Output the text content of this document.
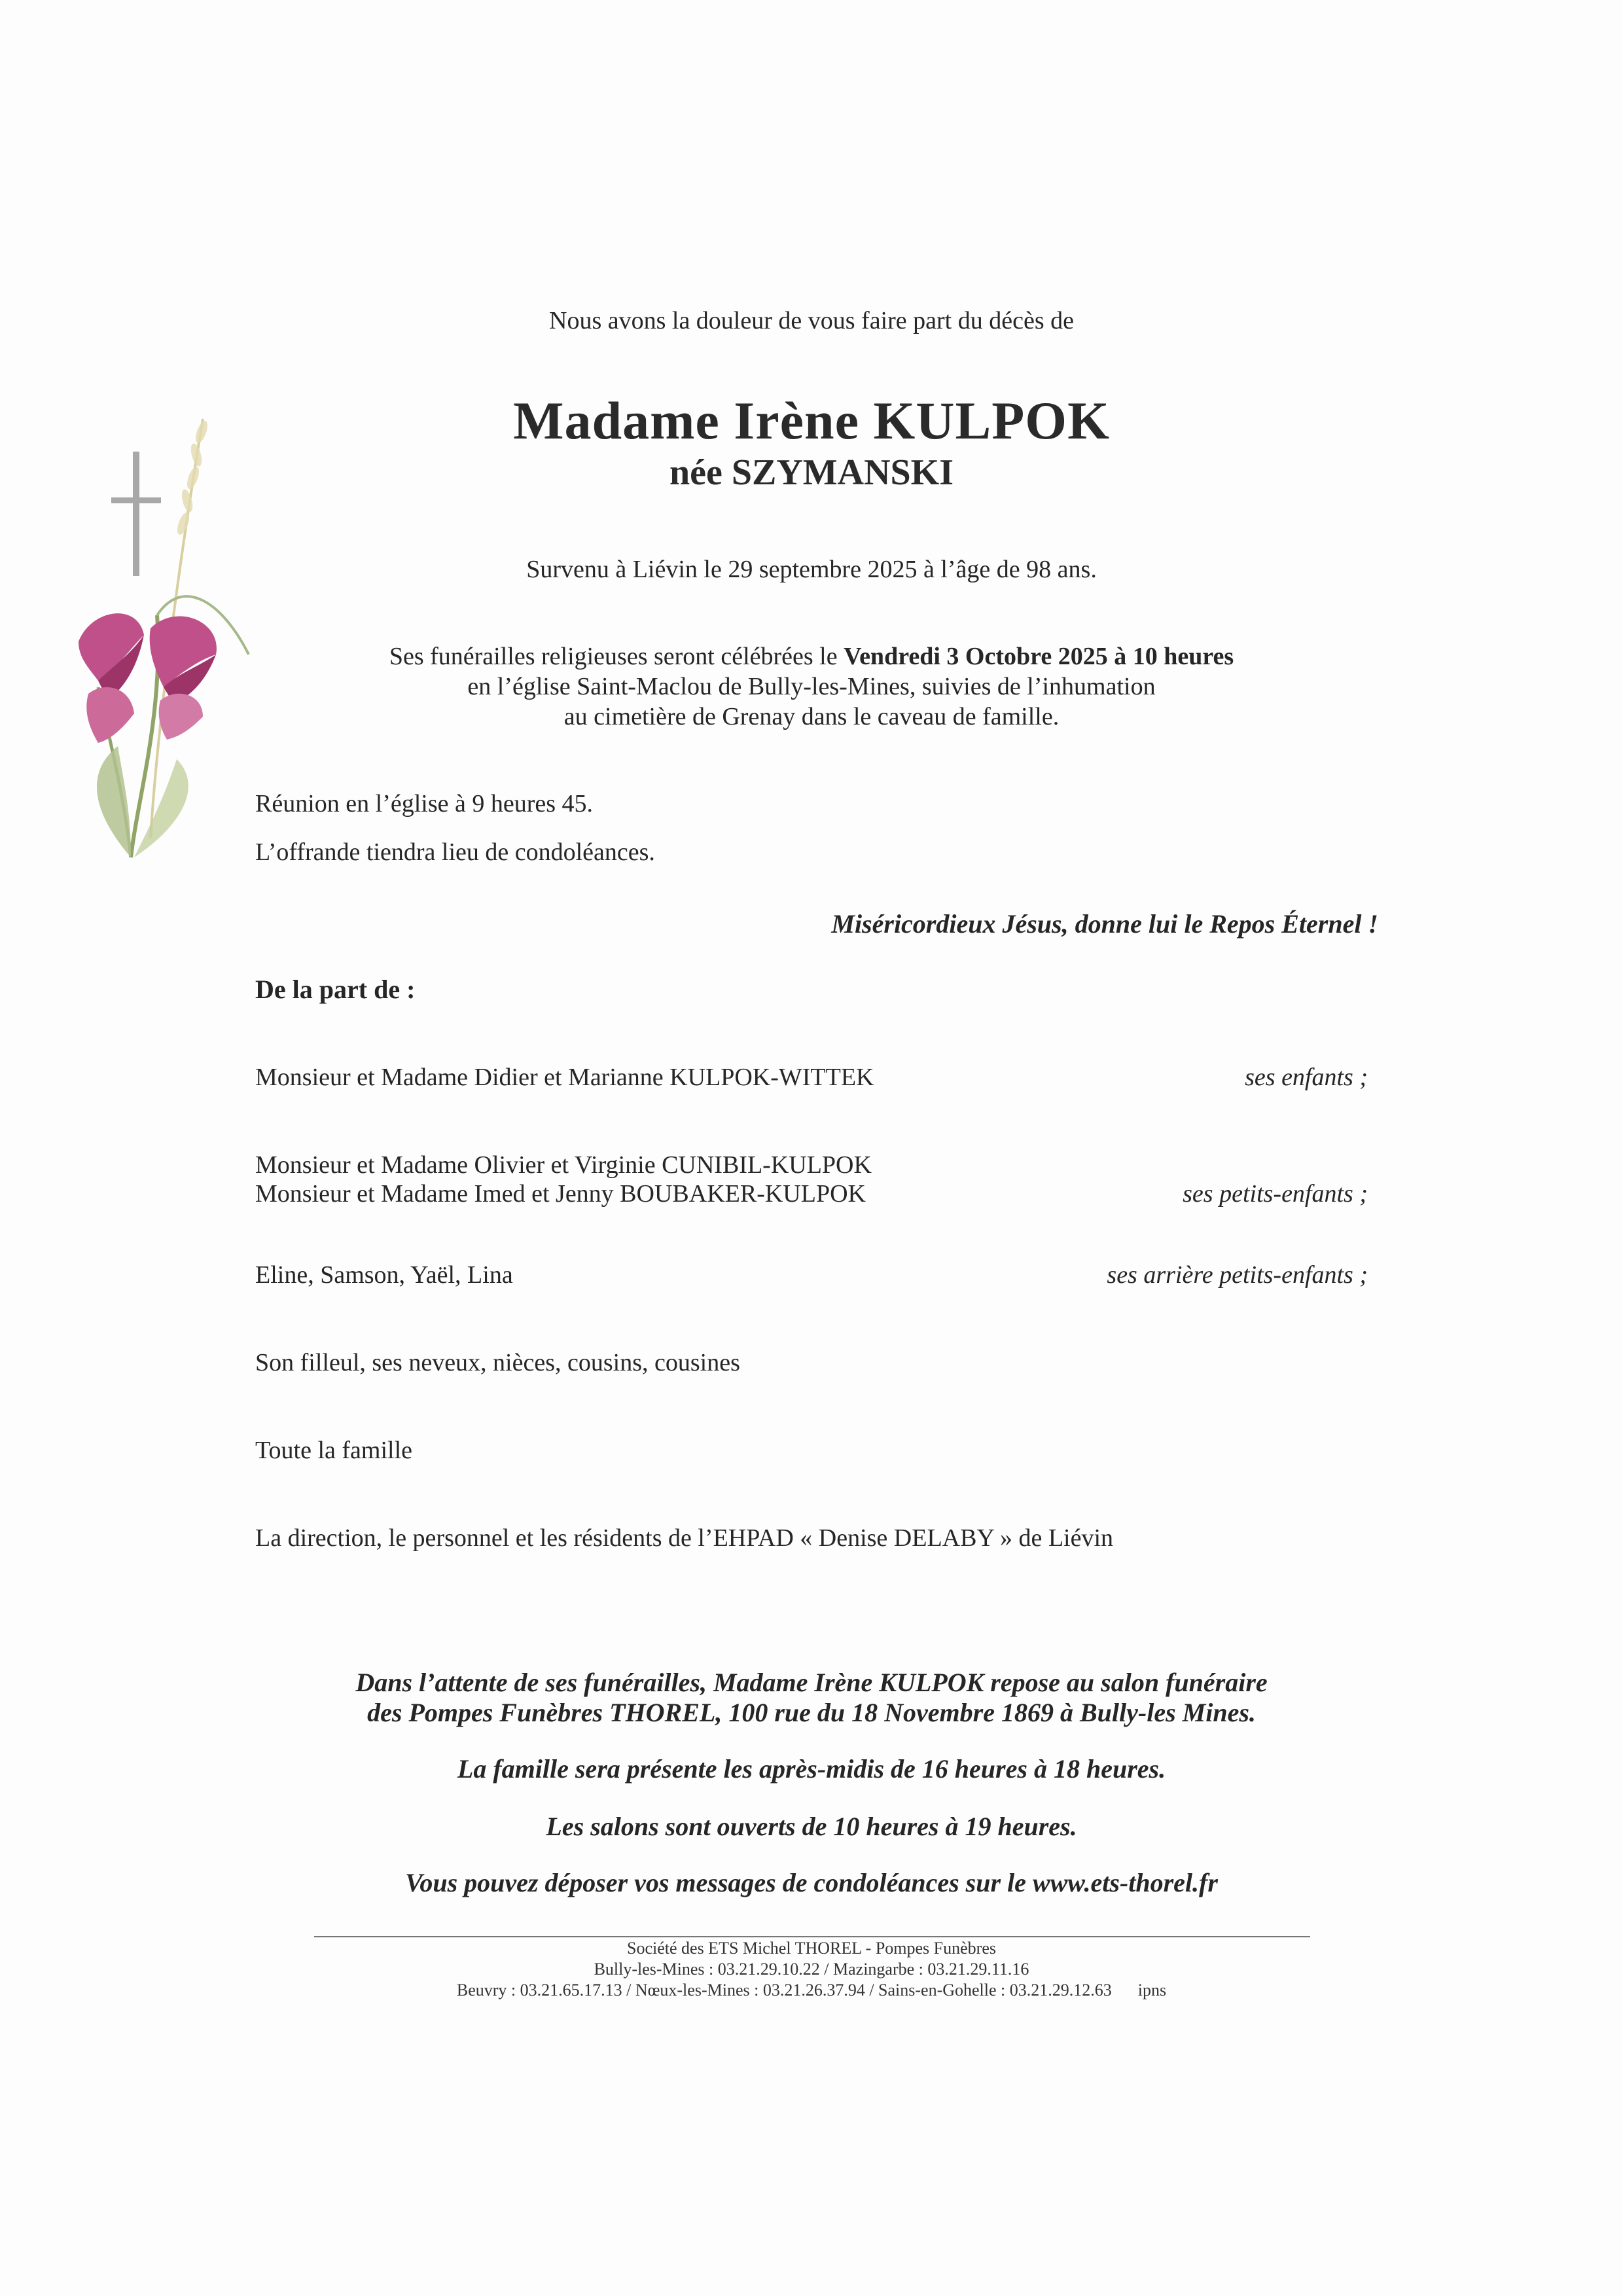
Nous avons la douleur de vous faire part du décès de
Madame Irène KULPOK
née SZYMANSKI
Survenu à Liévin le 29 septembre 2025 à l’âge de 98 ans.
Ses funérailles religieuses seront célébrées le Vendredi 3 Octobre 2025 à 10 heures
en l’église Saint-Maclou de Bully-les-Mines, suivies de l’inhumation
au cimetière de Grenay dans le caveau de famille.
Réunion en l’église à 9 heures 45.
L’offrande tiendra lieu de condoléances.
Miséricordieux Jésus, donne lui le Repos Éternel !
De la part de :
Monsieur et Madame Didier et Marianne KULPOK-WITTEK	ses enfants ;
Monsieur et Madame Olivier et Virginie CUNIBIL-KULPOK
Monsieur et Madame Imed et Jenny BOUBAKER-KULPOK	ses petits-enfants ;
Eline, Samson, Yaël, Lina	ses arrière petits-enfants ;
Son filleul, ses neveux, nièces, cousins, cousines
Toute la famille
La direction, le personnel et les résidents de l’EHPAD « Denise DELABY » de Liévin
Dans l’attente de ses funérailles, Madame Irène KULPOK repose au salon funéraire
des Pompes Funèbres THOREL, 100 rue du 18 Novembre 1869 à Bully-les Mines.
La famille sera présente les après-midis de 16 heures à 18 heures.
Les salons sont ouverts de 10 heures à 19 heures.
Vous pouvez déposer vos messages de condoléances sur le www.ets-thorel.fr
Société des ETS Michel THOREL - Pompes Funèbres
Bully-les-Mines : 03.21.29.10.22 / Mazingarbe : 03.21.29.11.16
Beuvry : 03.21.65.17.13 / Nœux-les-Mines : 03.21.26.37.94 / Sains-en-Gohelle : 03.21.29.12.63 ipns
